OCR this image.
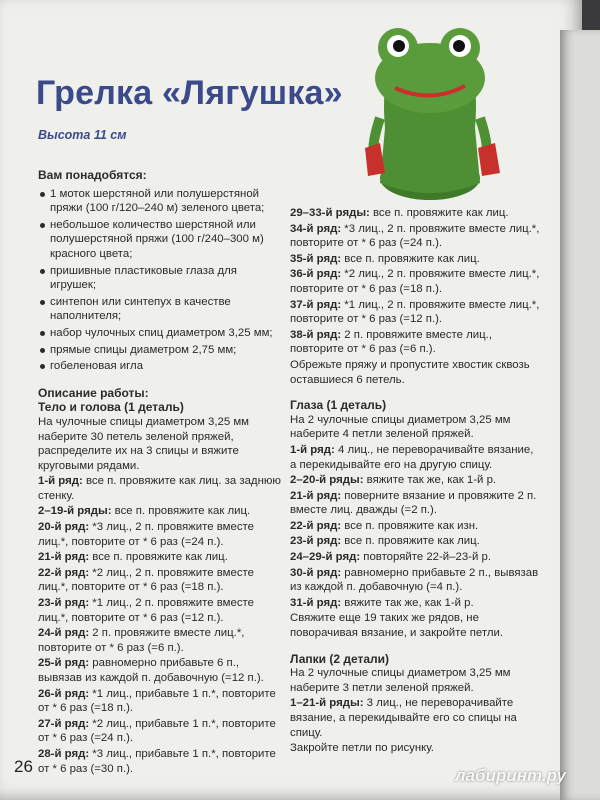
Грелка «Лягушка»
Высота 11 см
Вам понадобятся:
1 моток шерстяной или полушерстяной пряжи (100 г/120–240 м) зеленого цвета;
небольшое количество шерстяной или полушерстяной пряжи (100 г/240–300 м) красного цвета;
пришивные пластиковые глаза для игрушек;
синтепон или синтепух в качестве наполнителя;
набор чулочных спиц диаметром 3,25 мм;
прямые спицы диаметром 2,75 мм;
гобеленовая игла
Описание работы:
Тело и голова (1 деталь)
На чулочные спицы диаметром 3,25 мм наберите 30 петель зеленой пряжей, распределите их на 3 спицы и вяжите круговыми рядами.
1-й ряд: все п. провяжите как лиц. за заднюю стенку.
2–19-й ряды: все п. провяжите как лиц.
20-й ряд: *3 лиц., 2 п. провяжите вместе лиц.*, повторите от * 6 раз (=24 п.).
21-й ряд: все п. провяжите как лиц.
22-й ряд: *2 лиц., 2 п. провяжите вместе лиц.*, повторите от * 6 раз (=18 п.).
23-й ряд: *1 лиц., 2 п. провяжите вместе лиц.*, повторите от * 6 раз (=12 п.).
24-й ряд: 2 п. провяжите вместе лиц.*, повторите от * 6 раз (=6 п.).
25-й ряд: равномерно прибавьте 6 п., вывязав из каждой п. добавочную (=12 п.).
26-й ряд: *1 лиц., прибавьте 1 п.*, повторите от * 6 раз (=18 п.).
27-й ряд: *2 лиц., прибавьте 1 п.*, повторите от * 6 раз (=24 п.).
28-й ряд: *3 лиц., прибавьте 1 п.*, повторите от * 6 раз (=30 п.).
29–33-й ряды: все п. провяжите как лиц.
34-й ряд: *3 лиц., 2 п. провяжите вместе лиц.*, повторите от * 6 раз (=24 п.).
35-й ряд: все п. провяжите как лиц.
36-й ряд: *2 лиц., 2 п. провяжите вместе лиц.*, повторите от * 6 раз (=18 п.).
37-й ряд: *1 лиц., 2 п. провяжите вместе лиц.*, повторите от * 6 раз (=12 п.).
38-й ряд: 2 п. провяжите вместе лиц., повторите от * 6 раз (=6 п.).
Обрежьте пряжу и пропустите хвостик сквозь оставшиеся 6 петель.
Глаза (1 деталь)
На 2 чулочные спицы диаметром 3,25 мм наберите 4 петли зеленой пряжей.
1-й ряд: 4 лиц., не переворачивайте вязание, а перекидывайте его на другую спицу.
2–20-й ряды: вяжите так же, как 1-й р.
21-й ряд: поверните вязание и провяжите 2 п. вместе лиц. дважды (=2 п.).
22-й ряд: все п. провяжите как изн.
23-й ряд: все п. провяжите как лиц.
24–29-й ряд: повторяйте 22-й–23-й р.
30-й ряд: равномерно прибавьте 2 п., вывязав из каждой п. добавочную (=4 п.).
31-й ряд: вяжите так же, как 1-й р.
Свяжите еще 19 таких же рядов, не поворачивая вязание, и закройте петли.
Лапки (2 детали)
На 2 чулочные спицы диаметром 3,25 мм наберите 3 петли зеленой пряжей.
1–21-й ряды: 3 лиц., не переворачивайте вязание, а перекидывайте его со спицы на спицу.
Закройте петли по рисунку.
26	лабиринт.ру
